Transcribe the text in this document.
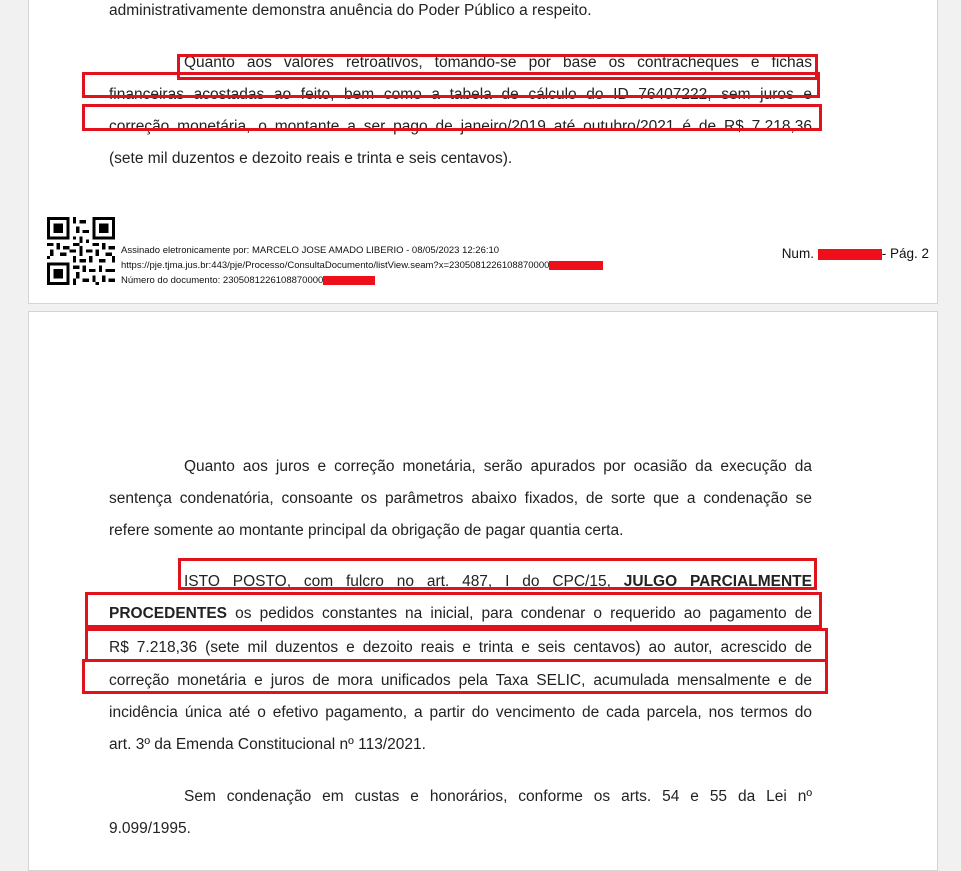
administrativamente demonstra anuência do Poder Público a respeito.
Quanto aos valores retroativos, tomando-se por base os contracheques e fichas
financeiras acostadas ao feito, bem como a tabela de cálculo do ID 76407222, sem juros e
correção monetária, o montante a ser pago de janeiro/2019 até outubro/2021 é de R$ 7.218,36
(sete mil duzentos e dezoito reais e trinta e seis centavos).
Assinado eletronicamente por: MARCELO JOSE AMADO LIBERIO - 08/05/2023 12:26:10
https://pje.tjma.jus.br:443/pje/Processo/ConsultaDocumento/listView.seam?x=2305081226108870000
Número do documento: 2305081226108870000
Num.	- Pág. 2
Quanto aos juros e correção monetária, serão apurados por ocasião da execução da
sentença condenatória, consoante os parâmetros abaixo fixados, de sorte que a condenação se
refere somente ao montante principal da obrigação de pagar quantia certa.
ISTO POSTO, com fulcro no art. 487, I do CPC/15, JULGO PARCIALMENTE
PROCEDENTES os pedidos constantes na inicial, para condenar o requerido ao pagamento de
R$ 7.218,36 (sete mil duzentos e dezoito reais e trinta e seis centavos) ao autor, acrescido de
correção monetária e juros de mora unificados pela Taxa SELIC, acumulada mensalmente e de
incidência única até o efetivo pagamento, a partir do vencimento de cada parcela, nos termos do
art. 3º da Emenda Constitucional nº 113/2021.
Sem condenação em custas e honorários, conforme os arts. 54 e 55 da Lei nº
9.099/1995.
